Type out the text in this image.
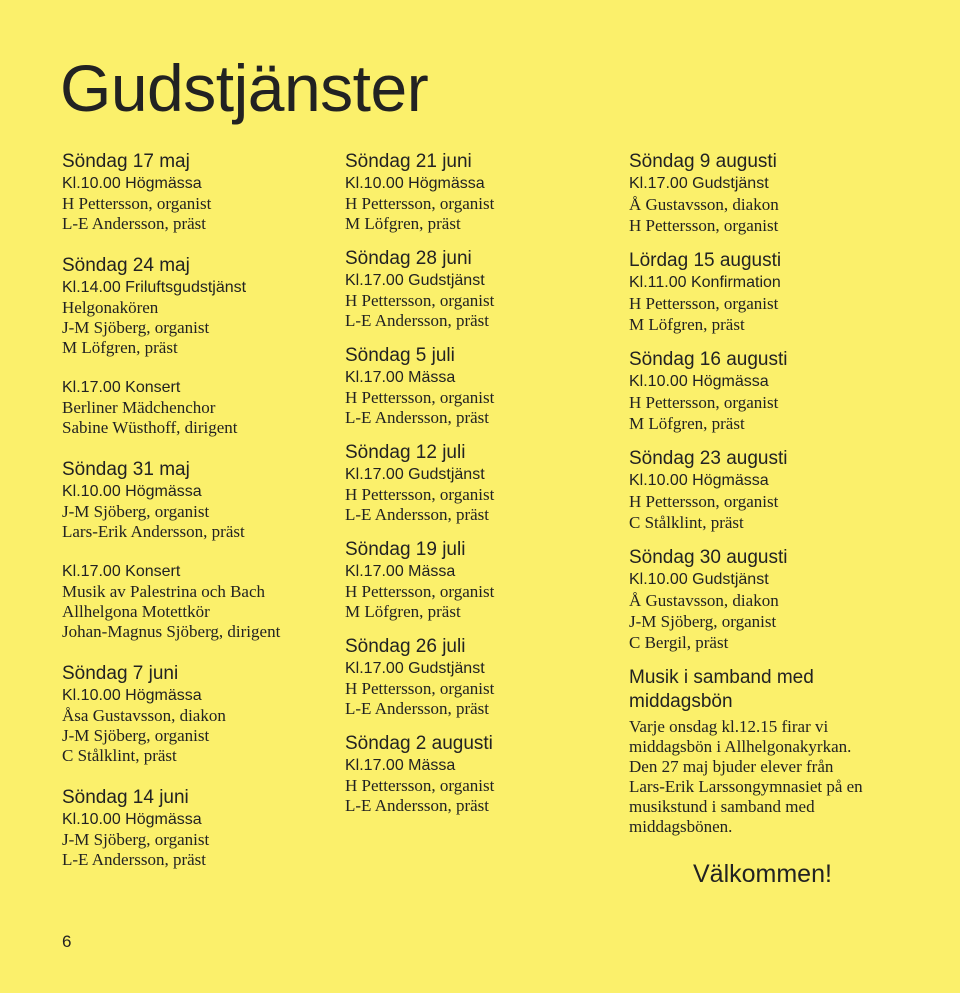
Gudstjänster
Söndag 17 maj
Kl.10.00 Högmässa
H Pettersson, organist
L-E Andersson, präst
Söndag 24 maj
Kl.14.00 Friluftsgudstjänst
Helgonakören
J-M Sjöberg, organist
M Löfgren, präst
Kl.17.00 Konsert
Berliner Mädchenchor
Sabine Wüsthoff, dirigent
Söndag 31 maj
Kl.10.00 Högmässa
J-M Sjöberg, organist
Lars-Erik Andersson, präst
Kl.17.00 Konsert
Musik av Palestrina och Bach
Allhelgona Motettkör
Johan-Magnus Sjöberg, dirigent
Söndag 7 juni
Kl.10.00 Högmässa
Åsa Gustavsson, diakon
J-M Sjöberg, organist
C Stålklint, präst
Söndag 14 juni
Kl.10.00 Högmässa
J-M Sjöberg, organist
L-E Andersson, präst
Söndag 21 juni
Kl.10.00 Högmässa
H Pettersson, organist
M Löfgren, präst
Söndag 28 juni
Kl.17.00 Gudstjänst
H Pettersson, organist
L-E Andersson, präst
Söndag 5 juli
Kl.17.00 Mässa
H Pettersson, organist
L-E Andersson, präst
Söndag 12 juli
Kl.17.00 Gudstjänst
H Pettersson, organist
L-E Andersson, präst
Söndag 19 juli
Kl.17.00 Mässa
H Pettersson, organist
M Löfgren, präst
Söndag 26 juli
Kl.17.00 Gudstjänst
H Pettersson, organist
L-E Andersson, präst
Söndag 2 augusti
Kl.17.00 Mässa
H Pettersson, organist
L-E Andersson, präst
Söndag 9 augusti
Kl.17.00 Gudstjänst
Å Gustavsson, diakon
H Pettersson, organist
Lördag 15 augusti
Kl.11.00 Konfirmation
H Pettersson, organist
M Löfgren, präst
Söndag 16 augusti
Kl.10.00 Högmässa
H Pettersson, organist
M Löfgren, präst
Söndag 23 augusti
Kl.10.00 Högmässa
H Pettersson, organist
C Stålklint, präst
Söndag 30 augusti
Kl.10.00 Gudstjänst
Å Gustavsson, diakon
J-M Sjöberg, organist
C Bergil, präst
Musik i samband med middagsbön
Varje onsdag kl.12.15 firar vi
middagsbön i Allhelgonakyrkan.
Den 27 maj bjuder elever från
Lars-Erik Larssongymnasiet på en
musikstund i samband med
middagsbönen.
Välkommen!
6
